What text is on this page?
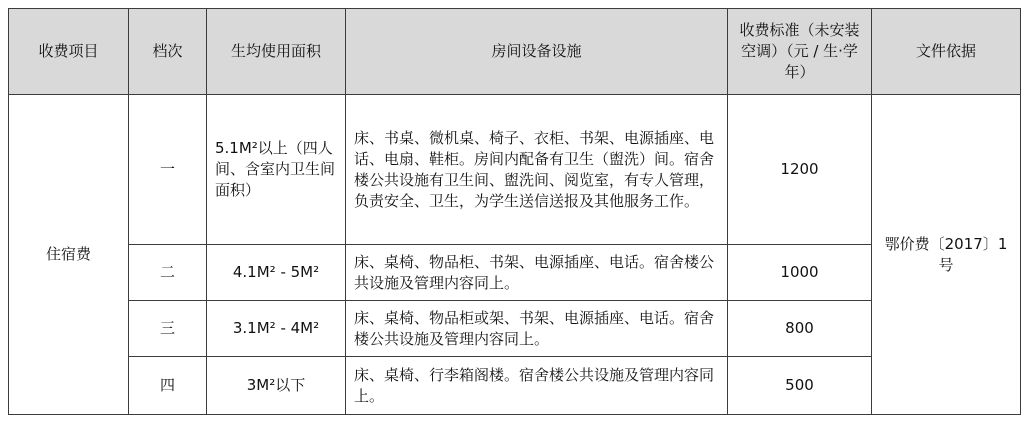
收费项目	档次	生均使用面积	房间设备设施	收费标准（未安装空调）（元 / 生·学年）	文件依据
住宿费	一	5.1M²以上（四人间、含室内卫生间面积）	床、书桌、微机桌、椅子、衣柜、书架、电源插座、电话、电扇、鞋柜。房间内配备有卫生（盥洗）间。宿舍楼公共设施有卫生间、盥洗间、阅览室，有专人管理，负责安全、卫生，为学生送信送报及其他服务工作。	1200	鄂价费〔2017〕1号
	二	4.1M² - 5M²	床、桌椅、物品柜、书架、电源插座、电话。宿舍楼公共设施及管理内容同上。	1000	
	三	3.1M² - 4M²	床、桌椅、物品柜或架、书架、电源插座、电话。宿舍楼公共设施及管理内容同上。	800	
	四	3M²以下	床、桌椅、行李箱阁楼。宿舍楼公共设施及管理内容同上。	500	
